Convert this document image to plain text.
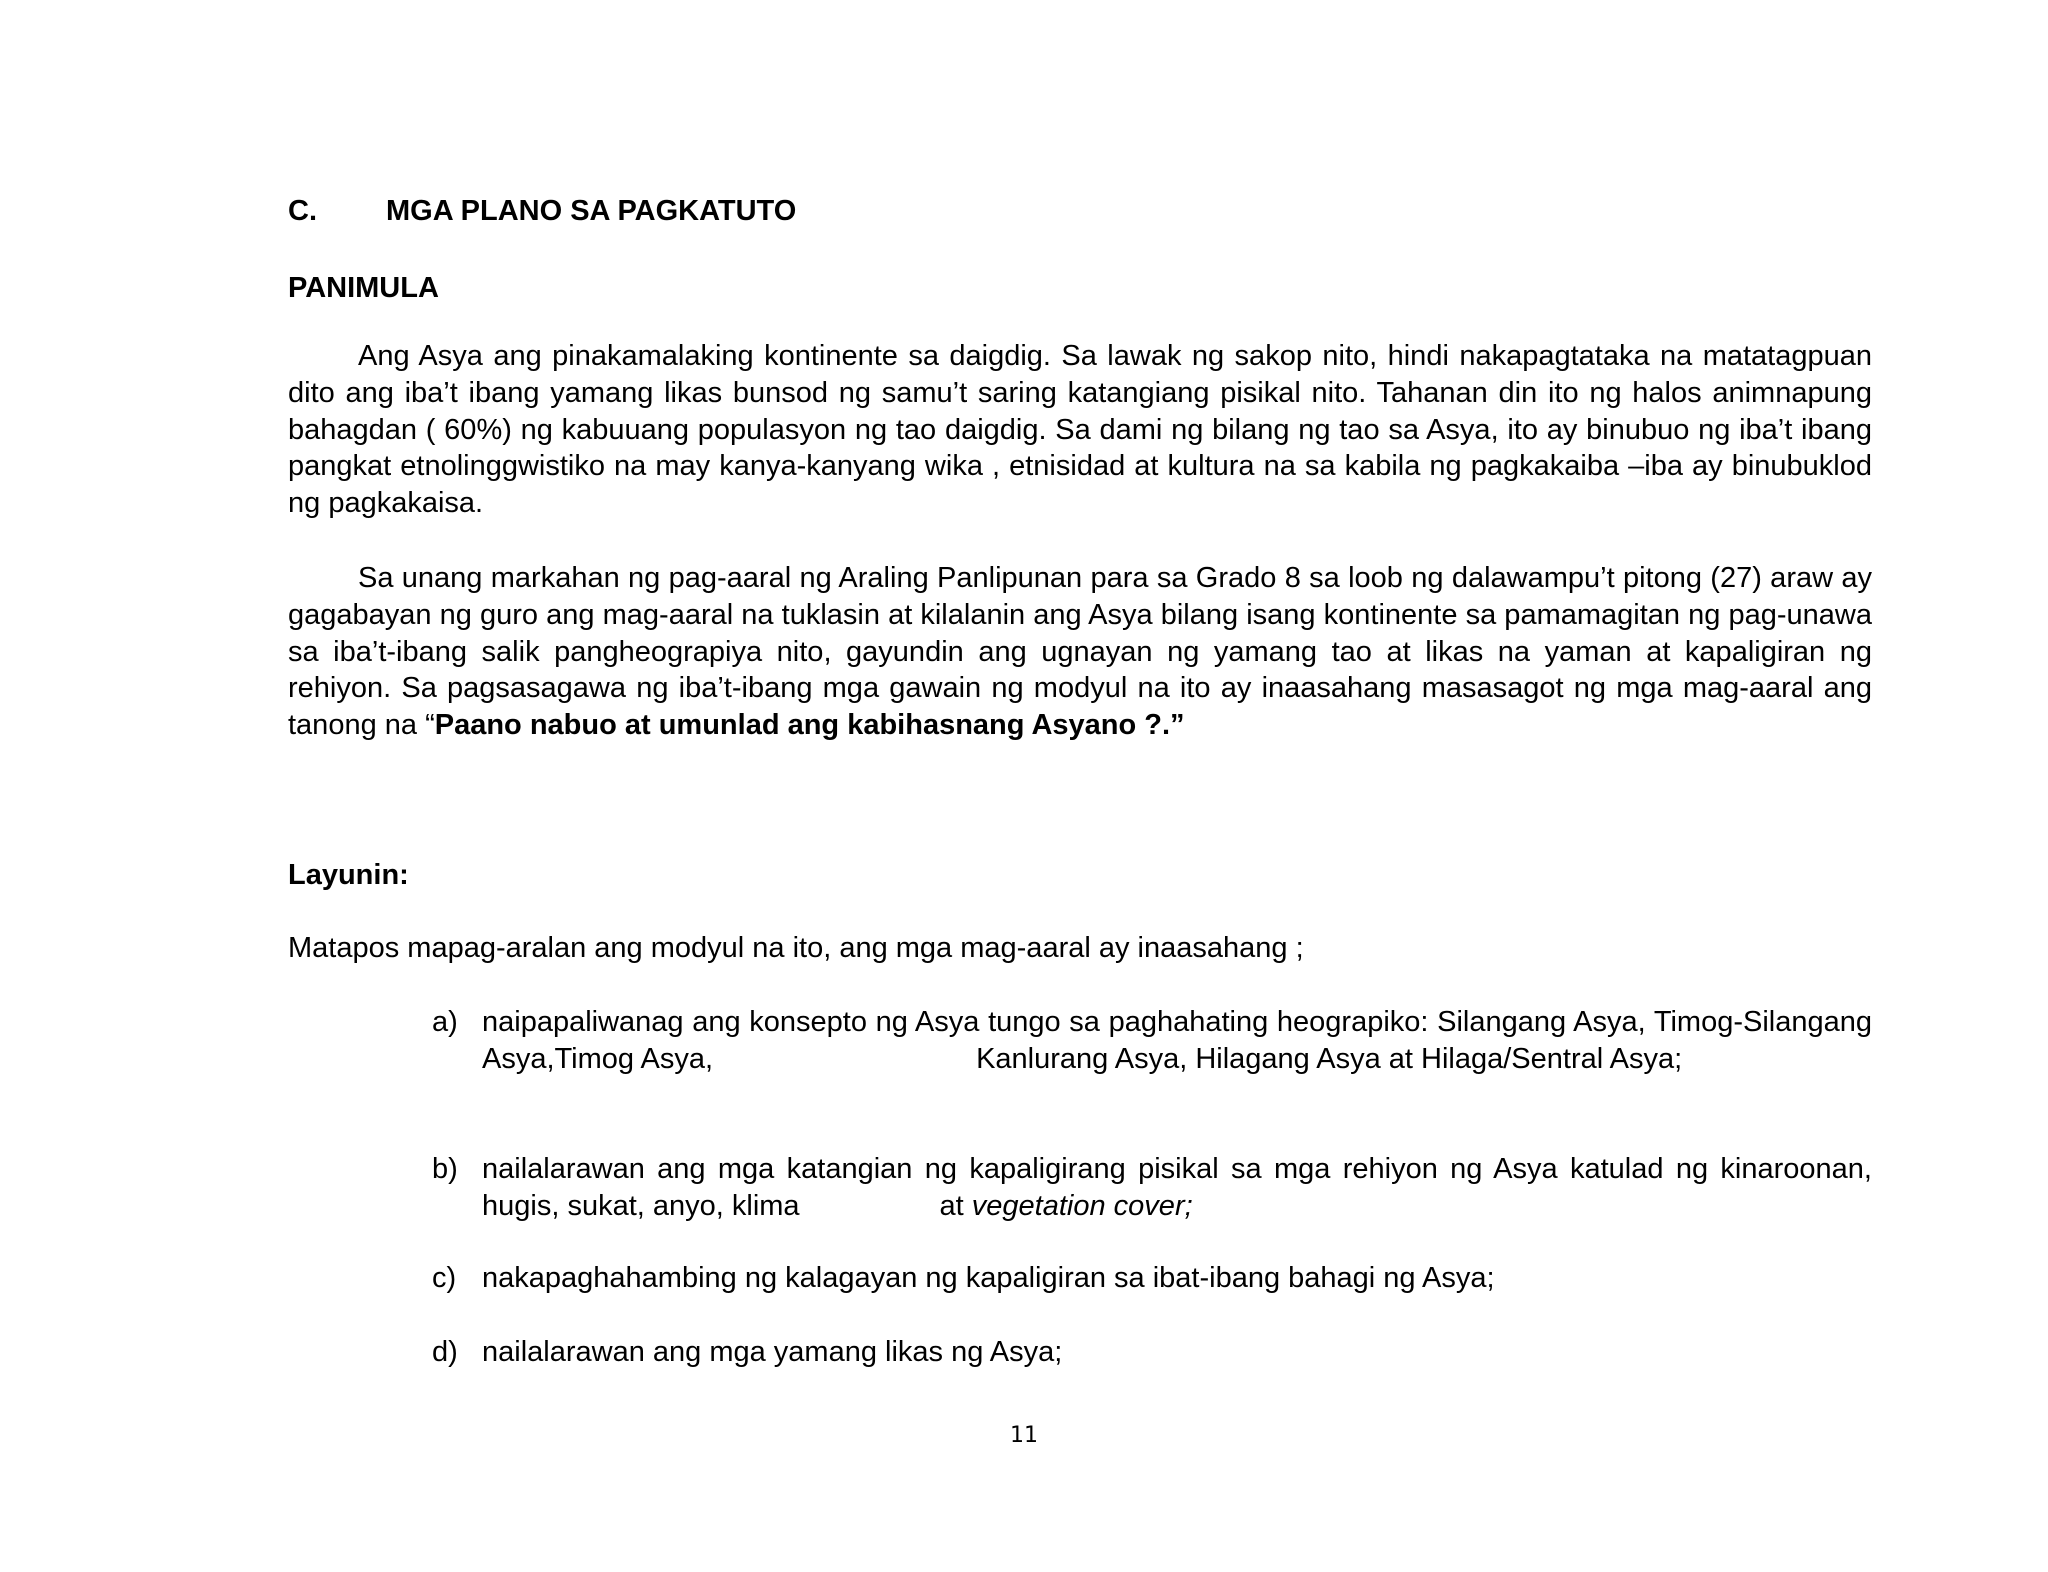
C. MGA PLANO SA PAGKATUTO
PANIMULA

Ang Asya ang pinakamalaking kontinente sa daigdig. Sa lawak ng sakop nito, hindi nakapagtataka na matatagpuan dito ang iba’t ibang yamang likas bunsod ng samu’t saring katangiang pisikal nito. Tahanan din ito ng halos animnapung bahagdan ( 60%) ng kabuuang populasyon ng tao daigdig. Sa dami ng bilang ng tao sa Asya, ito ay binubuo ng iba’t ibang pangkat etnolinggwistiko na may kanya-kanyang wika , etnisidad at kultura na sa kabila ng pagkakaiba –iba ay binubuklod ng pagkakaisa.

Sa unang markahan ng pag-aaral ng Araling Panlipunan para sa Grado 8 sa loob ng dalawampu’t pitong (27) araw ay gagabayan ng guro ang mag-aaral na tuklasin at kilalanin ang Asya bilang isang kontinente sa pamamagitan ng pag-unawa sa iba’t-ibang salik pangheograpiya nito, gayundin ang ugnayan ng yamang tao at likas na yaman at kapaligiran ng rehiyon. Sa pagsasagawa ng iba’t-ibang mga gawain ng modyul na ito ay inaasahang masasagot ng mga mag-aaral ang tanong na “Paano nabuo at umunlad ang kabihasnang Asyano ?.”

Layunin:
Matapos mapag-aralan ang modyul na ito, ang mga mag-aaral ay inaasahang ;
a) naipapaliwanag ang konsepto ng Asya tungo sa paghahating heograpiko: Silangang Asya, Timog-Silangang Asya,Timog Asya,	Kanlurang Asya, Hilagang Asya at Hilaga/Sentral Asya;
b) nailalarawan ang mga katangian ng kapaligirang pisikal sa mga rehiyon ng Asya katulad ng kinaroonan, hugis, sukat, anyo, klima	at vegetation cover;
c) nakapaghahambing ng kalagayan ng kapaligiran sa ibat-ibang bahagi ng Asya;
d) nailalarawan ang mga yamang likas ng Asya;
11
